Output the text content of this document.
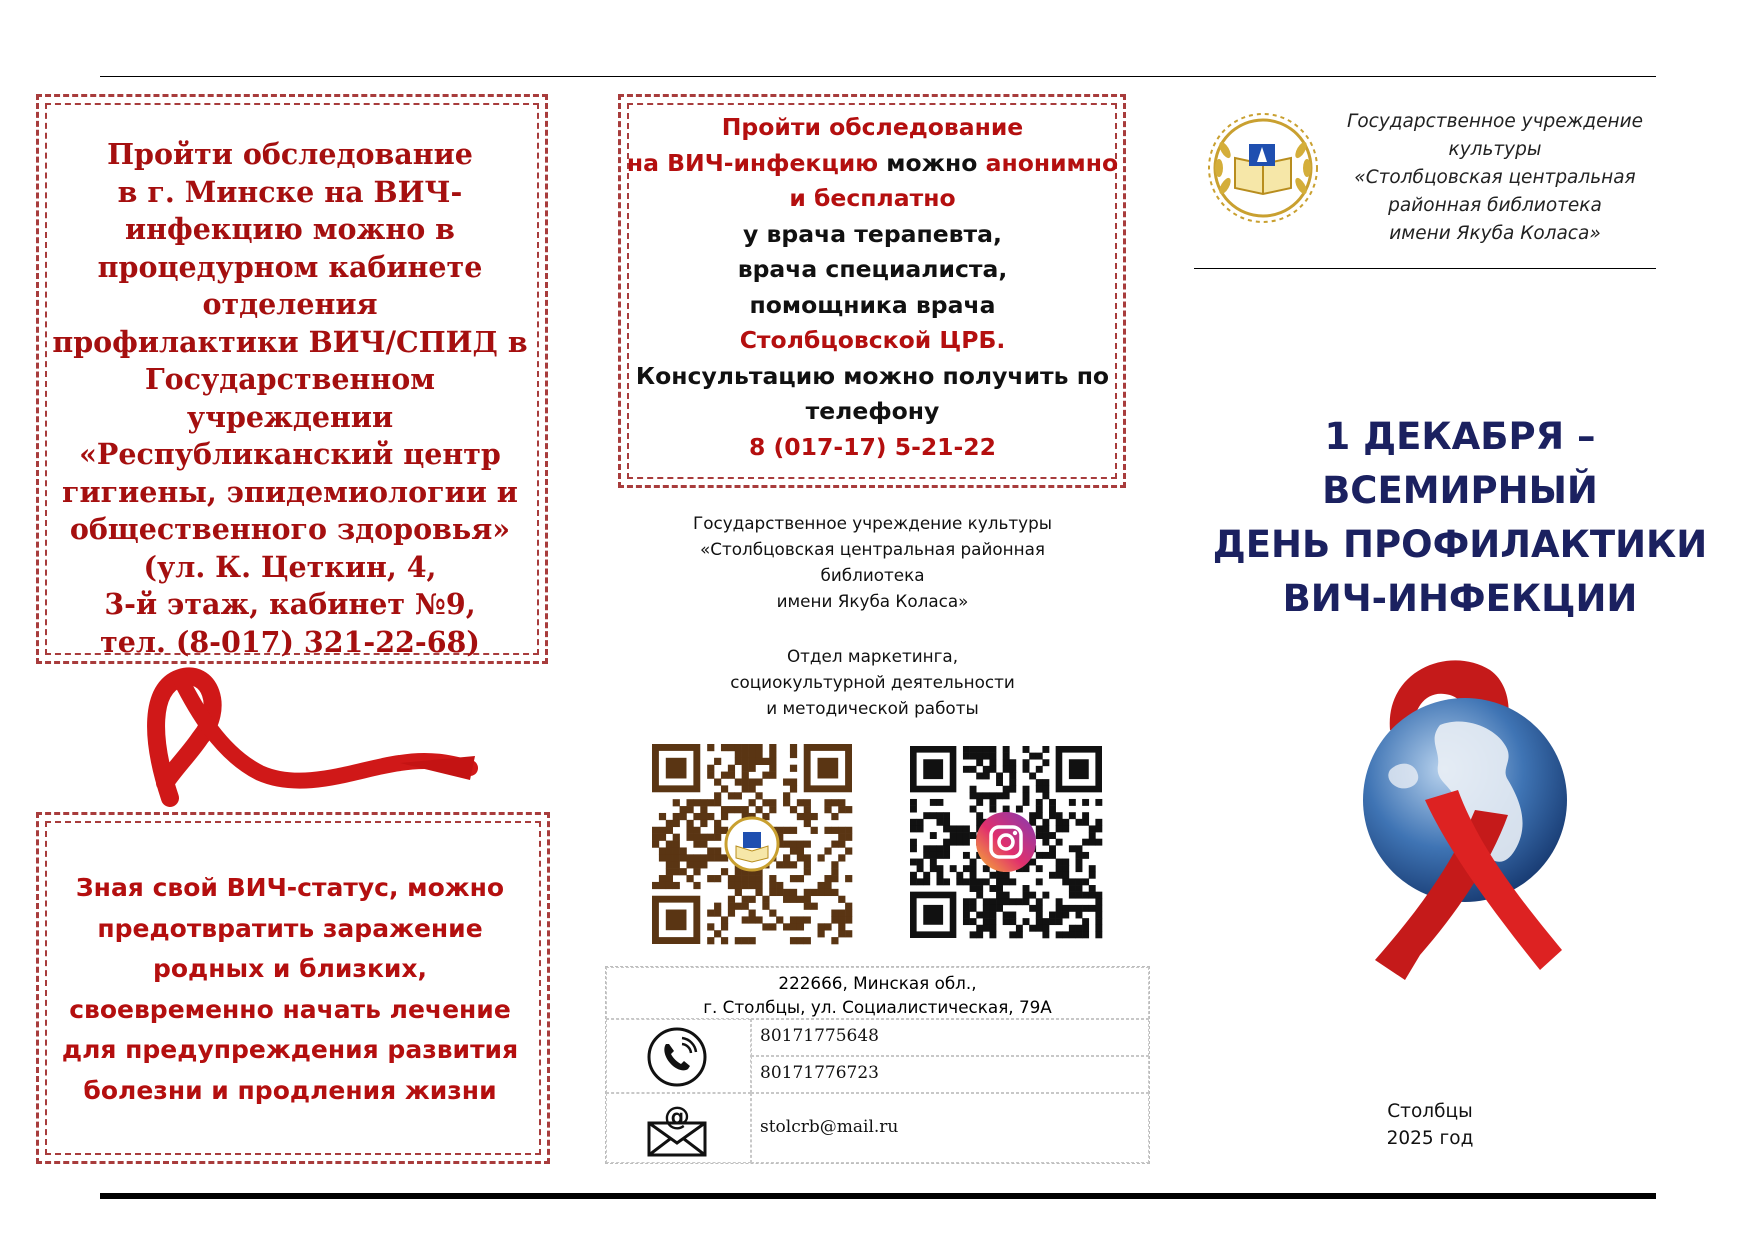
Пройти обследование
в г. Минске на ВИЧ-
инфекцию можно в
процедурном кабинете
отделения
профилактики ВИЧ/СПИД в
Государственном учреждении
«Республиканский центр
гигиены, эпидемиологии и
общественного здоровья»
(ул. К. Цеткин, 4,
3-й этаж, кабинет №9,
тел. (8-017) 321-22-68)
Зная свой ВИЧ-статус, можно
предотвратить заражение
родных и близких,
своевременно начать лечение
для предупреждения развития
болезни и продления жизни
Пройти обследование
на ВИЧ-инфекцию можно анонимно
и бесплатно
у врача терапевта,
врача специалиста,
помощника врача
Столбцовской ЦРБ.
Консультацию можно получить по
телефону
8 (017-17) 5-21-22
Государственное учреждение культуры
«Столбцовская центральная районная
библиотека
имени Якуба Коласа»
Отдел маркетинга,
социокультурной деятельности
и методической работы
222666, Минская обл.,
г. Столбцы, ул. Социалистическая, 79А
80171775648
80171776723
@	stolcrb@mail.ru
Государственное учреждение
культуры
«Столбцовская центральная
районная библиотека
имени Якуба Коласа»
1 ДЕКАБРЯ – ВСЕМИРНЫЙ
ДЕНЬ ПРОФИЛАКТИКИ
ВИЧ-ИНФЕКЦИИ
Столбцы
2025 год
